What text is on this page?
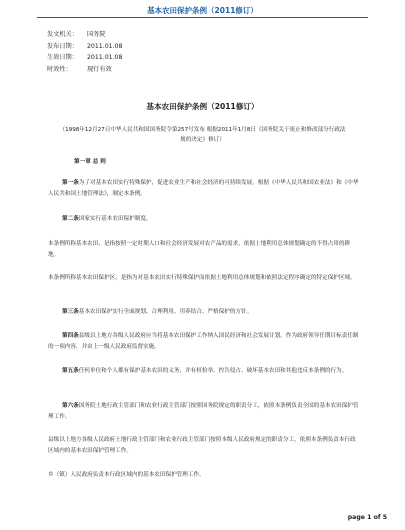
基本农田保护条例（2011修订）
发文机关：	国务院
发布日期：	2011.01.08
生效日期：	2011.01.08
时效性：	现行有效
基本农田保护条例（2011修订）
（1998年12月27日中华人民共和国国务院令第257号发布 根据2011年1月8日《国务院关于废止和修改部分行政法规的决定》修订）
第一章 总 则
第一条为了对基本农田实行特殊保护，促进农业生产和社会经济的可持续发展，根据《中华人民共和国农业法》和《中华人民共和国土地管理法》，制定本条例。
第二条国家实行基本农田保护制度。
本条例所称基本农田，是指按照一定时期人口和社会经济发展对农产品的需求，依据土地利用总体规划确定的不得占用的耕地。
本条例所称基本农田保护区，是指为对基本农田实行特殊保护而依据土地利用总体规划和依照法定程序确定的特定保护区域。
第三条基本农田保护实行全面规划、合理利用、用养结合、严格保护的方针。
第四条县级以上地方各级人民政府应当将基本农田保护工作纳入国民经济和社会发展计划，作为政府领导任期目标责任制的一项内容，并由上一级人民政府监督实施。
第五条任何单位和个人都有保护基本农田的义务，并有权检举、控告侵占、破坏基本农田和其他违反本条例的行为。
第六条国务院土地行政主管部门和农业行政主管部门按照国务院规定的职责分工，依照本条例负责全国的基本农田保护管理工作。
县级以上地方各级人民政府土地行政主管部门和农业行政主管部门按照本级人民政府规定的职责分工，依照本条例负责本行政区域内的基本农田保护管理工作。
乡（镇）人民政府负责本行政区域内的基本农田保护管理工作。
page 1 of 5
